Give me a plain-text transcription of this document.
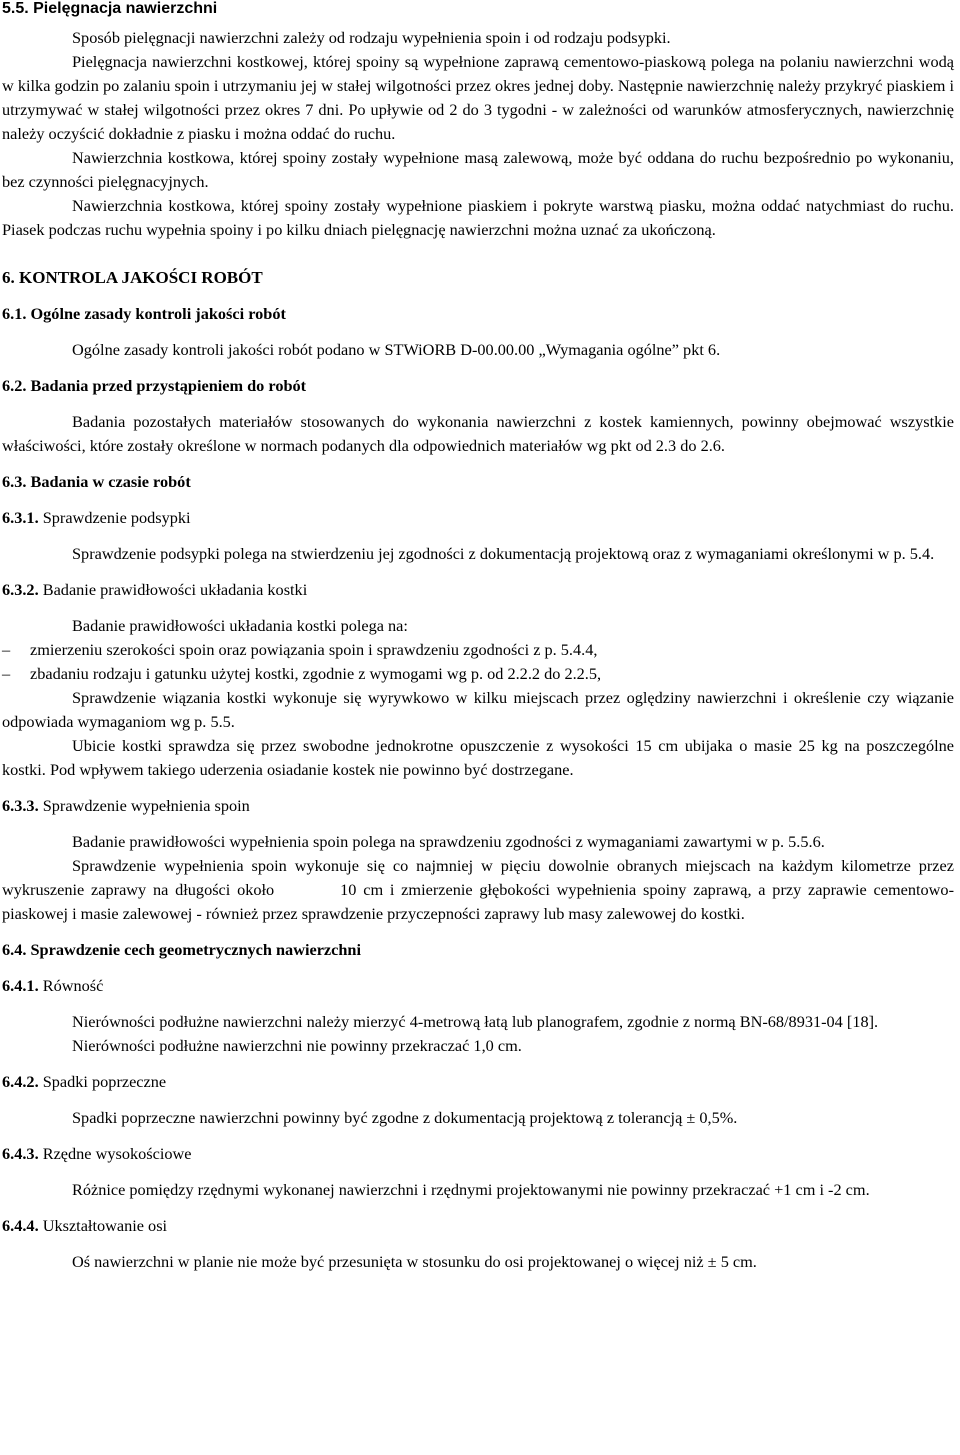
5.5. Pielęgnacja nawierzchni

Sposób pielęgnacji nawierzchni zależy od rodzaju wypełnienia spoin i od rodzaju podsypki.

Pielęgnacja nawierzchni kostkowej, której spoiny są wypełnione zaprawą cementowo-piaskową polega na polaniu nawierzchni wodą w kilka godzin po zalaniu spoin i utrzymaniu jej w stałej wilgotności przez okres jednej doby. Następnie nawierzchnię należy przykryć piaskiem i utrzymywać w stałej wilgotności przez okres 7 dni. Po upływie od 2 do 3 tygodni - w zależności od warunków atmosferycznych, nawierzchnię należy oczyścić dokładnie z piasku i można oddać do ruchu.

Nawierzchnia kostkowa, której spoiny zostały wypełnione masą zalewową, może być oddana do ruchu bezpośrednio po wykonaniu, bez czynności pielęgnacyjnych.

Nawierzchnia kostkowa, której spoiny zostały wypełnione piaskiem i pokryte warstwą piasku, można oddać natychmiast do ruchu. Piasek podczas ruchu wypełnia spoiny i po kilku dniach pielęgnację nawierzchni można uznać za ukończoną.

6. KONTROLA JAKOŚCI ROBÓT
6.1. Ogólne zasady kontroli jakości robót

Ogólne zasady kontroli jakości robót podano w STWiORB D-00.00.00 „Wymagania ogólne” pkt 6.

6.2. Badania przed przystąpieniem do robót

Badania pozostałych materiałów stosowanych do wykonania nawierzchni z kostek kamiennych, powinny obejmować wszystkie właściwości, które zostały określone w normach podanych dla odpowiednich materiałów wg pkt od 2.3 do 2.6.

6.3. Badania w czasie robót
6.3.1. Sprawdzenie podsypki

Sprawdzenie podsypki polega na stwierdzeniu jej zgodności z dokumentacją projektową oraz z wymaganiami określonymi w p. 5.4.

6.3.2. Badanie prawidłowości układania kostki

Badanie prawidłowości układania kostki polega na:

–	zmierzeniu szerokości spoin oraz powiązania spoin i sprawdzeniu zgodności z p. 5.4.4,
–	zbadaniu rodzaju i gatunku użytej kostki, zgodnie z wymogami wg p. od 2.2.2 do 2.2.5,

Sprawdzenie wiązania kostki wykonuje się wyrywkowo w kilku miejscach przez oględziny nawierzchni i określenie czy wiązanie odpowiada wymaganiom wg p. 5.5.

Ubicie kostki sprawdza się przez swobodne jednokrotne opuszczenie z wysokości 15 cm ubijaka o masie 25 kg na poszczególne kostki. Pod wpływem takiego uderzenia osiadanie kostek nie powinno być dostrzegane.

6.3.3. Sprawdzenie wypełnienia spoin

Badanie prawidłowości wypełnienia spoin polega na sprawdzeniu zgodności z wymaganiami zawartymi w p. 5.5.6.

Sprawdzenie wypełnienia spoin wykonuje się co najmniej w pięciu dowolnie obranych miejscach na każdym kilometrze przez wykruszenie zaprawy na długości około	10 cm i zmierzenie głębokości wypełnienia spoiny zaprawą, a przy zaprawie cementowo-piaskowej i masie zalewowej - również przez sprawdzenie przyczepności zaprawy lub masy zalewowej do kostki.

6.4. Sprawdzenie cech geometrycznych nawierzchni
6.4.1. Równość

Nierówności podłużne nawierzchni należy mierzyć 4-metrową łatą lub planografem, zgodnie z normą BN-68/8931-04 [18].

Nierówności podłużne nawierzchni nie powinny przekraczać 1,0 cm.

6.4.2. Spadki poprzeczne

Spadki poprzeczne nawierzchni powinny być zgodne z dokumentacją projektową z tolerancją ± 0,5%.

6.4.3. Rzędne wysokościowe

Różnice pomiędzy rzędnymi wykonanej nawierzchni i rzędnymi projektowanymi nie powinny przekraczać +1 cm i -2 cm.

6.4.4. Ukształtowanie osi

Oś nawierzchni w planie nie może być przesunięta w stosunku do osi projektowanej o więcej niż ± 5 cm.
